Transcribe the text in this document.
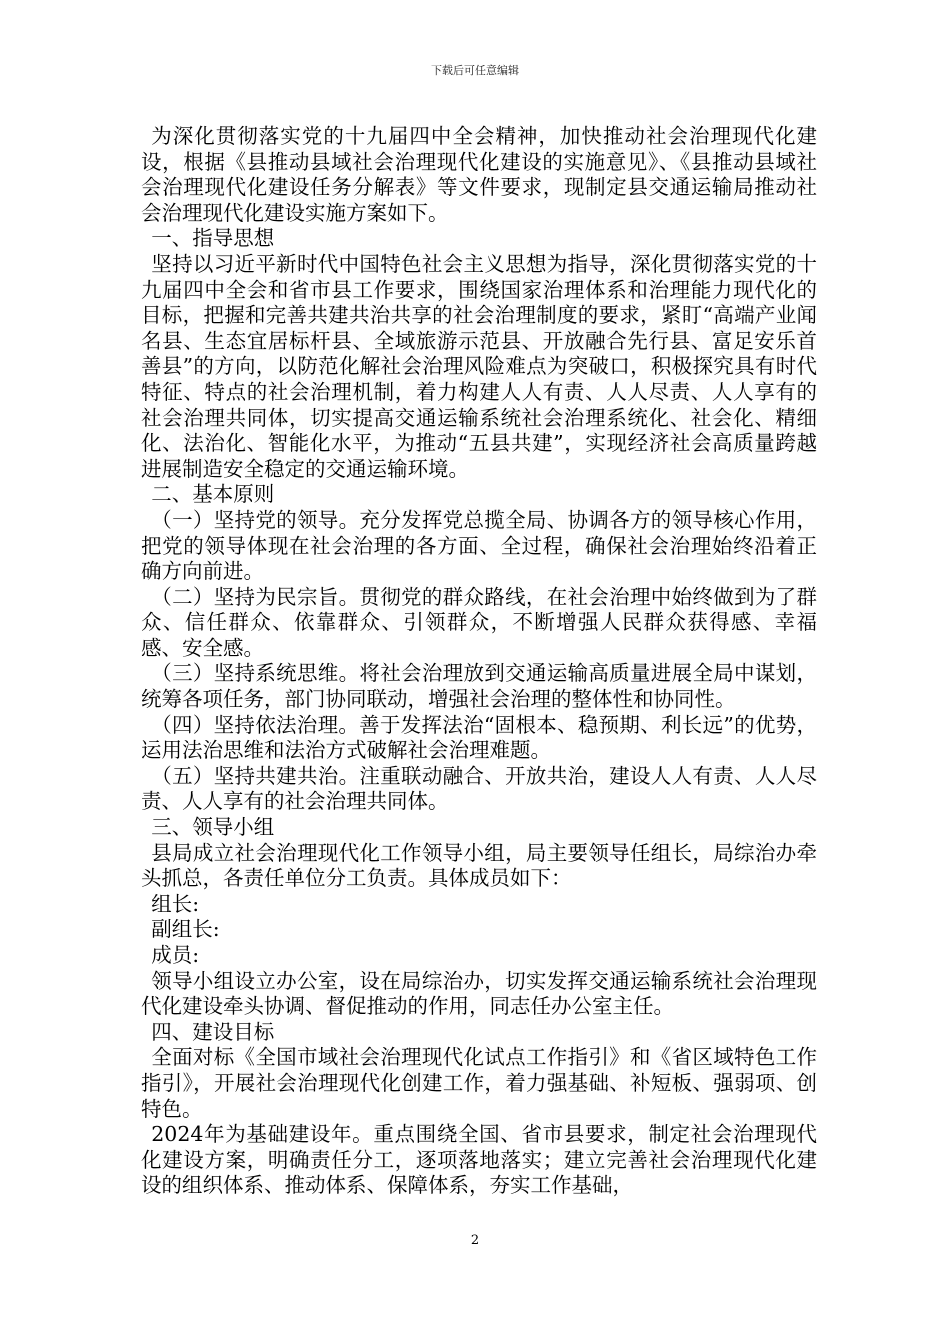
下载后可任意编辑

为深化贯彻落实党的十九届四中全会精神，加快推动社会治理现代化建设，根据《县推动县域社会治理现代化建设的实施意见》、《县推动县域社会治理现代化建设任务分解表》等文件要求，现制定县交通运输局推动社会治理现代化建设实施方案如下。

一、指导思想

坚持以习近平新时代中国特色社会主义思想为指导，深化贯彻落实党的十九届四中全会和省市县工作要求，围绕国家治理体系和治理能力现代化的目标，把握和完善共建共治共享的社会治理制度的要求，紧盯“高端产业闻名县、生态宜居标杆县、全域旅游示范县、开放融合先行县、富足安乐首善县”的方向，以防范化解社会治理风险难点为突破口，积极探究具有时代特征、特点的社会治理机制，着力构建人人有责、人人尽责、人人享有的社会治理共同体，切实提高交通运输系统社会治理系统化、社会化、精细化、法治化、智能化水平，为推动“五县共建”，实现经济社会高质量跨越进展制造安全稳定的交通运输环境。

二、基本原则

（一）坚持党的领导。充分发挥党总揽全局、协调各方的领导核心作用，把党的领导体现在社会治理的各方面、全过程，确保社会治理始终沿着正确方向前进。

（二）坚持为民宗旨。贯彻党的群众路线，在社会治理中始终做到为了群众、信任群众、依靠群众、引领群众，不断增强人民群众获得感、幸福感、安全感。

（三）坚持系统思维。将社会治理放到交通运输高质量进展全局中谋划，统筹各项任务，部门协同联动，增强社会治理的整体性和协同性。

（四）坚持依法治理。善于发挥法治“固根本、稳预期、利长远”的优势，运用法治思维和法治方式破解社会治理难题。

（五）坚持共建共治。注重联动融合、开放共治，建设人人有责、人人尽责、人人享有的社会治理共同体。

三、领导小组

县局成立社会治理现代化工作领导小组，局主要领导任组长，局综治办牵头抓总，各责任单位分工负责。具体成员如下：

组长:

副组长:

成员:

领导小组设立办公室，设在局综治办，切实发挥交通运输系统社会治理现代化建设牵头协调、督促推动的作用，同志任办公室主任。

四、建设目标

全面对标《全国市域社会治理现代化试点工作指引》和《省区域特色工作指引》，开展社会治理现代化创建工作，着力强基础、补短板、强弱项、创特色。

2024年为基础建设年。重点围绕全国、省市县要求，制定社会治理现代化建设方案，明确责任分工，逐项落地落实；建立完善社会治理现代化建设的组织体系、推动体系、保障体系，夯实工作基础，

2
